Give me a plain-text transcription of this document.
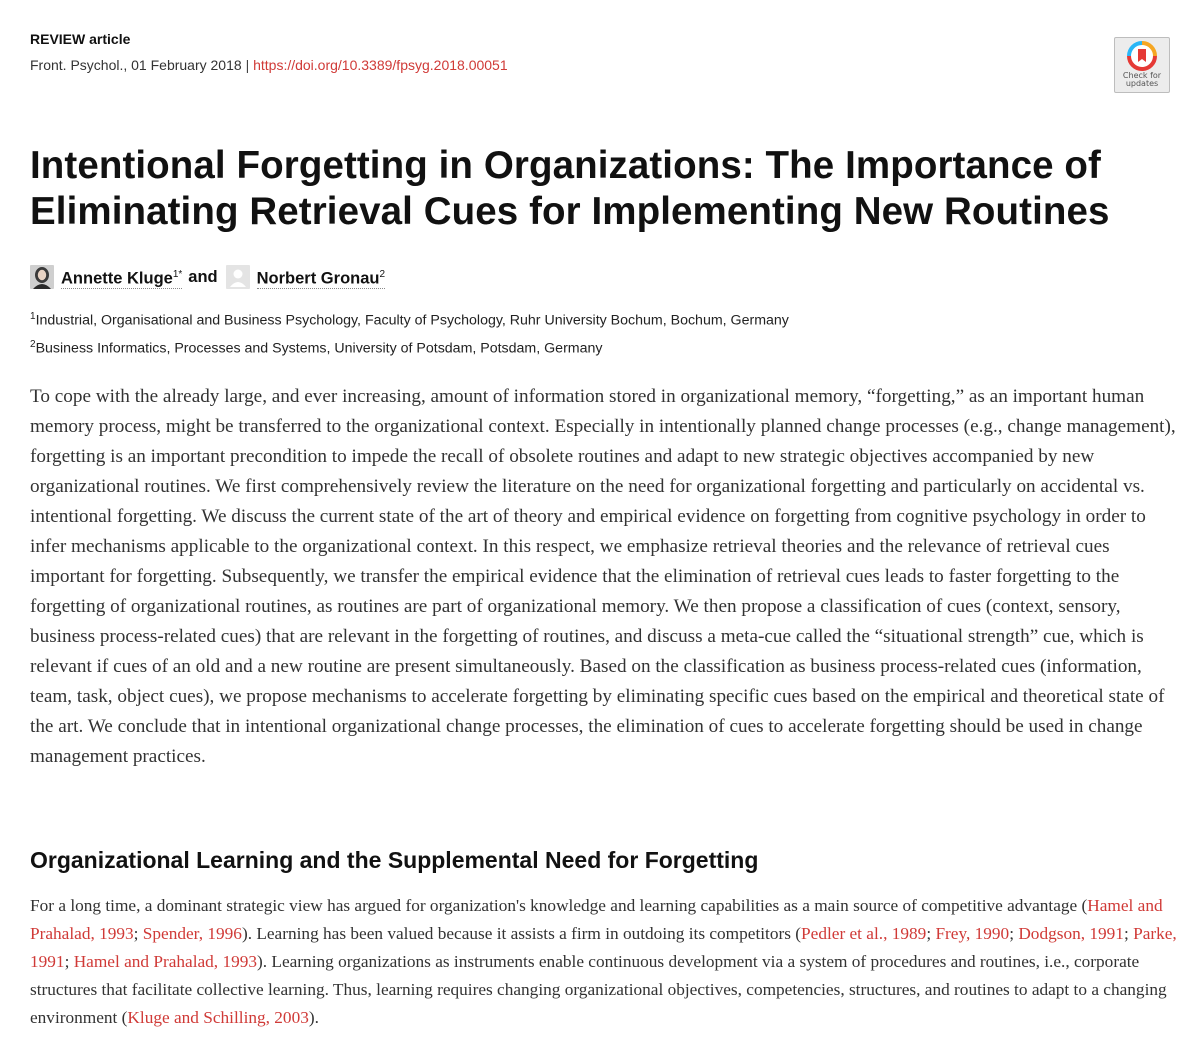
REVIEW article
Front. Psychol., 01 February 2018 | https://doi.org/10.3389/fpsyg.2018.00051
Check for
updates
Intentional Forgetting in Organizations: The Importance of Eliminating Retrieval Cues for Implementing New Routines
Annette Kluge$^{1*}$ and Norbert Gronau$^2$
$^1$Industrial, Organisational and Business Psychology, Faculty of Psychology, Ruhr University Bochum, Bochum, Germany
$^2$Business Informatics, Processes and Systems, University of Potsdam, Potsdam, Germany

To cope with the already large, and ever increasing, amount of information stored in organizational memory, “forgetting,” as an important human memory process, might be transferred to the organizational context. Especially in intentionally planned change processes (e.g., change management), forgetting is an important precondition to impede the recall of obsolete routines and adapt to new strategic objectives accompanied by new organizational routines. We first comprehensively review the literature on the need for organizational forgetting and particularly on accidental vs. intentional forgetting. We discuss the current state of the art of theory and empirical evidence on forgetting from cognitive psychology in order to infer mechanisms applicable to the organizational context. In this respect, we emphasize retrieval theories and the relevance of retrieval cues important for forgetting. Subsequently, we transfer the empirical evidence that the elimination of retrieval cues leads to faster forgetting to the forgetting of organizational routines, as routines are part of organizational memory. We then propose a classification of cues (context, sensory, business process-related cues) that are relevant in the forgetting of routines, and discuss a meta-cue called the “situational strength” cue, which is relevant if cues of an old and a new routine are present simultaneously. Based on the classification as business process-related cues (information, team, task, object cues), we propose mechanisms to accelerate forgetting by eliminating specific cues based on the empirical and theoretical state of the art. We conclude that in intentional organizational change processes, the elimination of cues to accelerate forgetting should be used in change management practices.

Organizational Learning and the Supplemental Need for Forgetting

For a long time, a dominant strategic view has argued for organization's knowledge and learning capabilities as a main source of competitive advantage (Hamel and Prahalad, 1993; Spender, 1996). Learning has been valued because it assists a firm in outdoing its competitors (Pedler et al., 1989; Frey, 1990; Dodgson, 1991; Parke, 1991; Hamel and Prahalad, 1993). Learning organizations as instruments enable continuous development via a system of procedures and routines, i.e., corporate structures that facilitate collective learning. Thus, learning requires changing organizational objectives, competencies, structures, and routines to adapt to a changing environment (Kluge and Schilling, 2003).
